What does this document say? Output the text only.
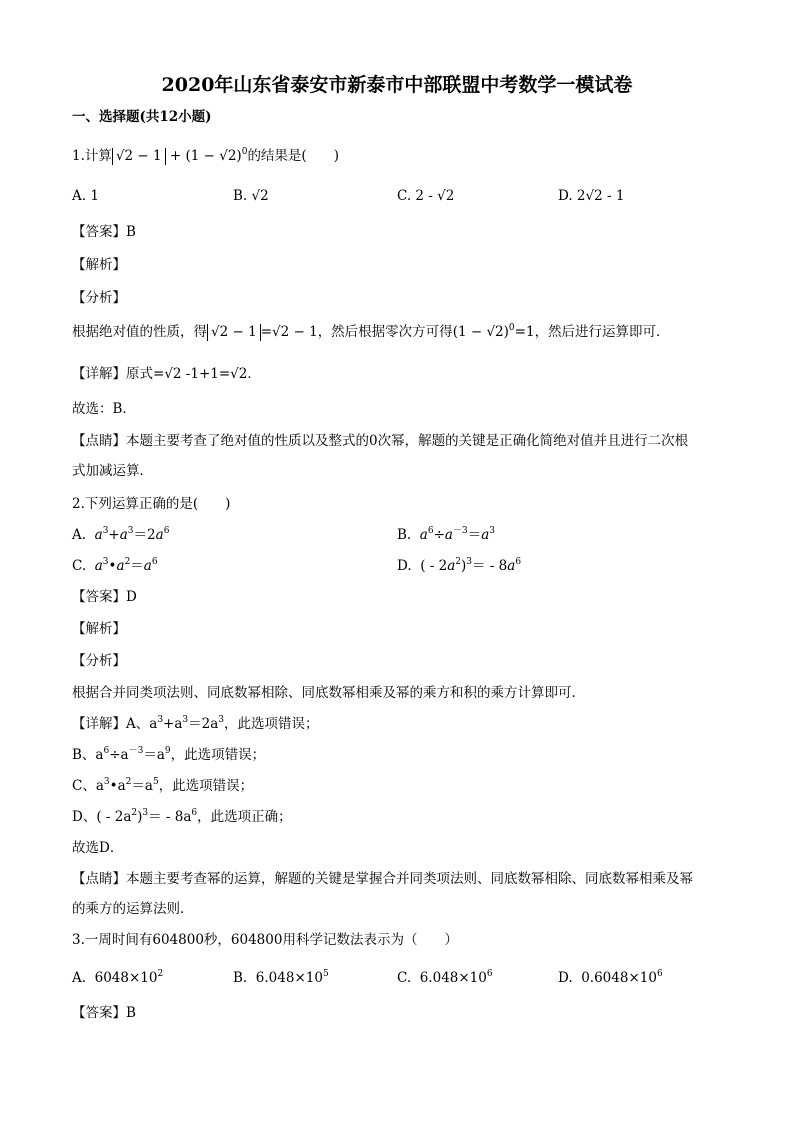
2020年山东省泰安市新泰市中部联盟中考数学一模试卷
一、选择题(共12小题)
1.计算 $√2 - 1 + (1 - √2)^0$的结果是(　　)
A. 1	B. √2	C. 2 - √2	D. 2√2 - 1
【答案】B
【解析】
【分析】
根据绝对值的性质，得 √2 − 1 =√2 − 1，然后根据零次方可得$(1 - √2)^0=1$，然后进行运算即可．
【详解】原式=√2 -1+1=√2．
故选：B．
【点睛】本题主要考查了绝对值的性质以及整式的0次幂，解题的关键是正确化简绝对值并且进行二次根
式加减运算．
2.下列运算正确的是(　　)
A.  $a^3+a^3=2a^6$	B.  $a^6\div a^{-3}=a^3$
C.  $a^3•a^2=a^6$	D.  ( - $2a^2)^3= - 8a^6$
【答案】D
【解析】
【分析】
根据合并同类项法则、同底数幂相除、同底数幂相乘及幂的乘方和积的乘方计算即可.
【详解】A、$a^3+a^3=2a^3$，此选项错误；
B、$a^6\div a^{-3}=a^9$，此选项错误；
C、$a^3•a^2=a^5$，此选项错误；
D、( - $2a^2)^3= - 8a^6$，此选项正确；
故选D．
【点睛】本题主要考查幂的运算，解题的关键是掌握合并同类项法则、同底数幂相除、同底数幂相乘及幂
的乘方的运算法则．
3.一周时间有604800秒，604800用科学记数法表示为（　　）
A.  $6048\times 10^2$	B.  $6.048\times 10^5$	C.  $6.048\times 10^6$	D.  $0.6048\times 10^6$
【答案】B
